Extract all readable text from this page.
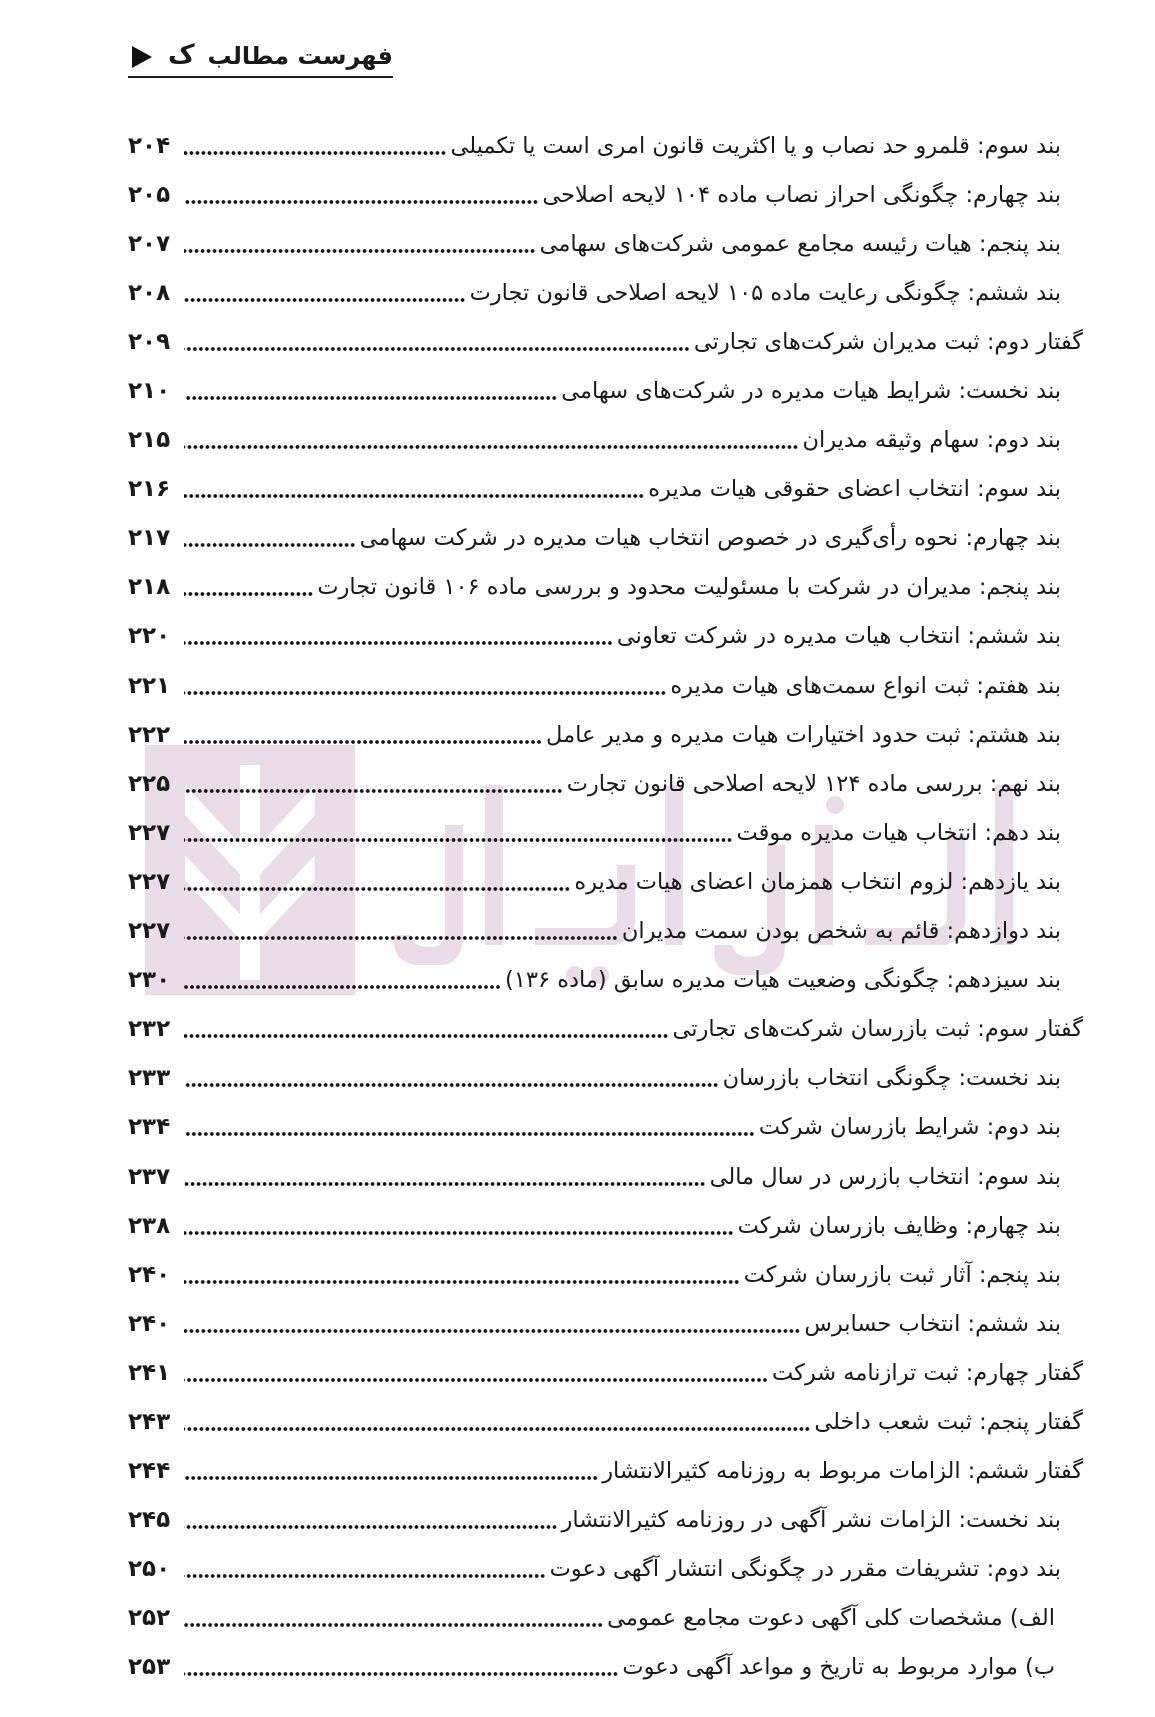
ک فهرست مطالب
بند سوم: قلمرو حد نصاب و یا اکثریت قانون امری است یا تکمیلی
۲۰۴
بند چهارم: چگونگی احراز نصاب ماده ۱۰۴ لایحه اصلاحی
۲۰۵
بند پنجم: هیات رئیسه مجامع عمومی شرکت‌های سهامی
۲۰۷
بند ششم: چگونگی رعایت ماده ۱۰۵ لایحه اصلاحی قانون تجارت
۲۰۸
گفتار دوم: ثبت مدیران شرکت‌های تجارتی
۲۰۹
بند نخست: شرایط هیات مدیره در شرکت‌های سهامی
۲۱۰
بند دوم: سهام وثیقه مدیران
۲۱۵
بند سوم: انتخاب اعضای حقوقی هیات مدیره
۲۱۶
بند چهارم: نحوه رأی‌گیری در خصوص انتخاب هیات مدیره در شرکت سهامی
۲۱۷
بند پنجم: مدیران در شرکت با مسئولیت محدود و بررسی ماده ۱۰۶ قانون تجارت
۲۱۸
بند ششم: انتخاب هیات مدیره در شرکت تعاونی
۲۲۰
بند هفتم: ثبت انواع سمت‌های هیات مدیره
۲۲۱
بند هشتم: ثبت حدود اختیارات هیات مدیره و مدیر عامل
۲۲۲
بند نهم: بررسی ماده ۱۲۴ لایحه اصلاحی قانون تجارت
۲۲۵
بند دهم: انتخاب هیات مدیره موقت
۲۲۷
بند یازدهم: لزوم انتخاب همزمان اعضای هیات مدیره
۲۲۷
بند دوازدهم: قائم به شخص بودن سمت مدیران
۲۲۷
بند سیزدهم: چگونگی وضعیت هیات مدیره سابق (ماده ۱۳۶)
۲۳۰
گفتار سوم: ثبت بازرسان شرکت‌های تجارتی
۲۳۲
بند نخست: چگونگی انتخاب بازرسان
۲۳۳
بند دوم: شرایط بازرسان شرکت
۲۳۴
بند سوم: انتخاب بازرس در سال مالی
۲۳۷
بند چهارم: وظایف بازرسان شرکت
۲۳۸
بند پنجم: آثار ثبت بازرسان شرکت
۲۴۰
بند ششم: انتخاب حسابرس
۲۴۰
گفتار چهارم: ثبت ترازنامه شرکت
۲۴۱
گفتار پنجم: ثبت شعب داخلی
۲۴۳
گفتار ششم: الزامات مربوط به روزنامه کثیرالانتشار
۲۴۴
بند نخست: الزامات نشر آگهی در روزنامه کثیرالانتشار
۲۴۵
بند دوم: تشریفات مقرر در چگونگی انتشار آگهی دعوت
۲۵۰
الف) مشخصات کلی آگهی دعوت مجامع عمومی
۲۵۲
ب) موارد مربوط به تاریخ و مواعد آگهی دعوت
۲۵۳
